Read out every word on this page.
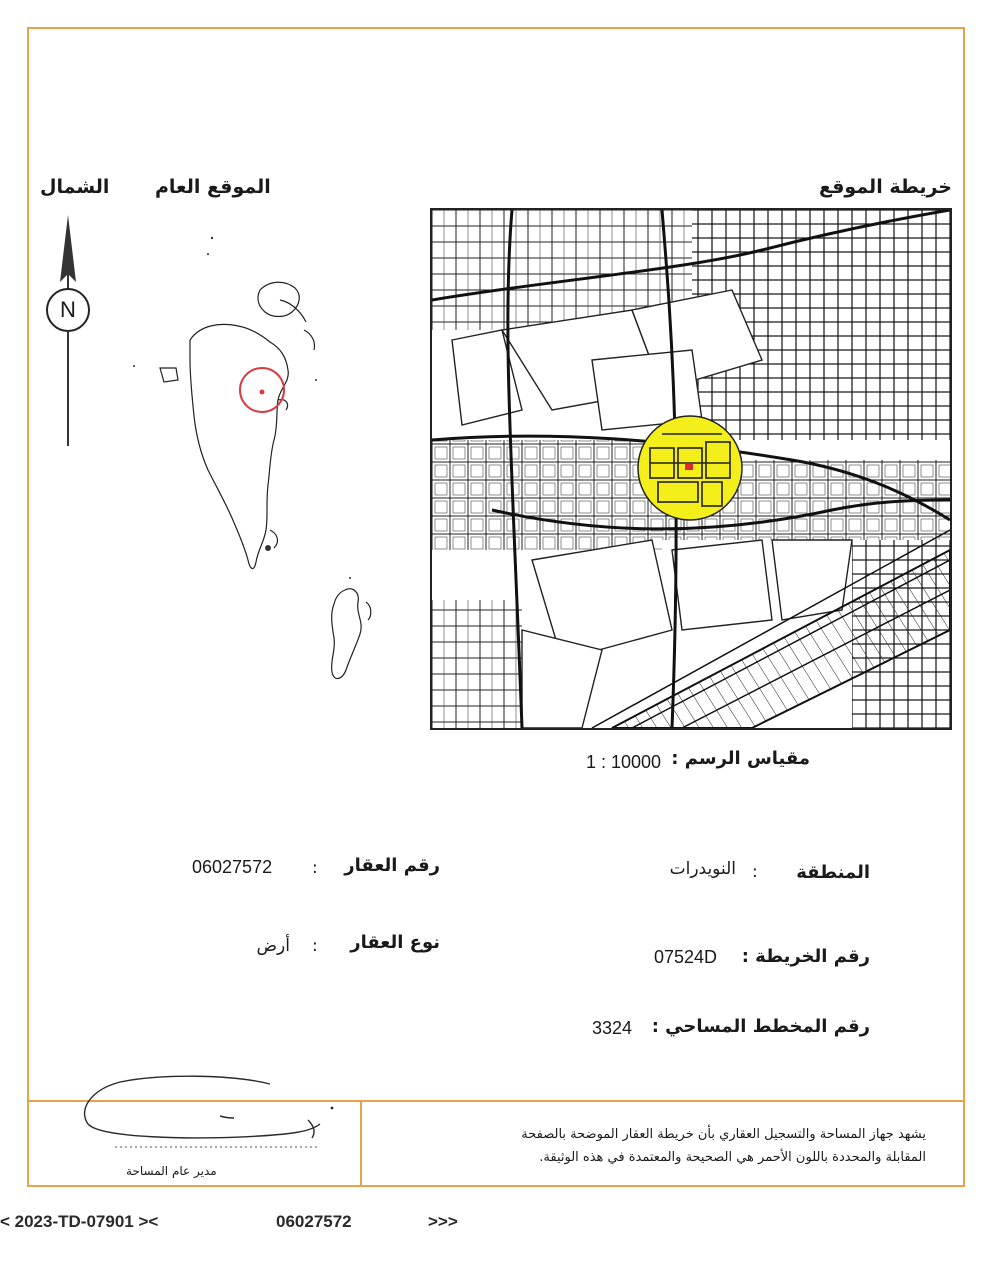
خريطة الموقع
الموقع العام
الشمال
N
مقياس الرسم :
1 : 10000
رقم العقار
:
06027572
نوع العقار
:
أرض
المنطقة
:
النويدرات
رقم الخريطة :
07524D
رقم المخطط المساحي :
3324
يشهد جهاز المساحة والتسجيل العقاري بأن خريطة العقار الموضحة بالصفحة
المقابلة والمحددة باللون الأحمر هي الصحيحة والمعتمدة في هذه الوثيقة.
مدير عام المساحة
< 2023-TD-07901 ><	06027572	>>>
